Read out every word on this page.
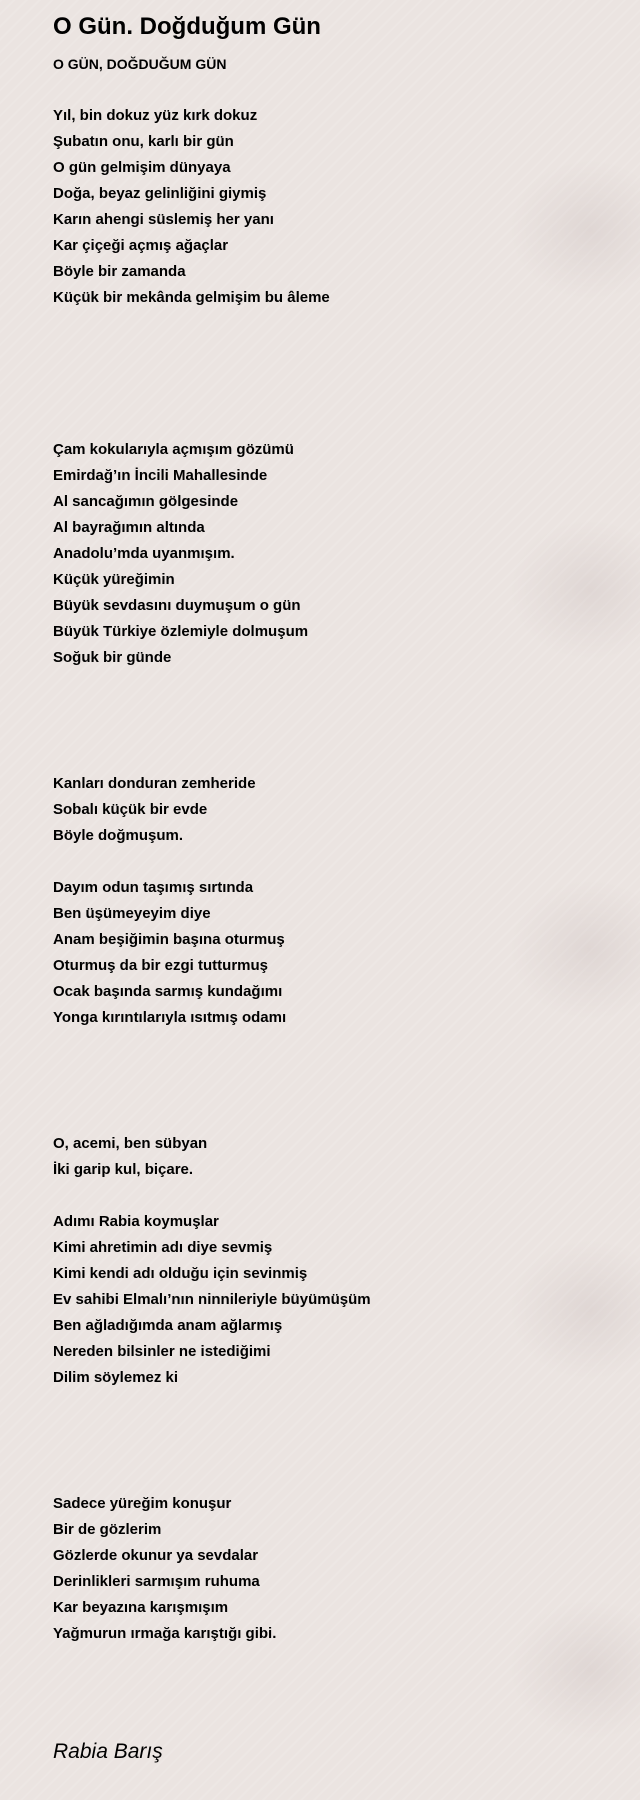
O Gün. Doğduğum Gün
O GÜN, DOĞDUĞUM GÜN
Yıl, bin dokuz yüz kırk dokuz
Şubatın onu, karlı bir gün
O gün gelmişim dünyaya
Doğa, beyaz gelinliğini giymiş
Karın ahengi süslemiş her yanı
Kar çiçeği açmış ağaçlar
Böyle bir zamanda
Küçük bir mekânda gelmişim bu âleme
Çam kokularıyla açmışım gözümü
Emirdağ’ın İncili Mahallesinde
Al sancağımın gölgesinde
Al bayrağımın altında
Anadolu’mda uyanmışım.
Küçük yüreğimin
Büyük sevdasını duymuşum o gün
Büyük Türkiye özlemiyle dolmuşum
Soğuk bir günde
Kanları donduran zemheride
Sobalı küçük bir evde
Böyle doğmuşum.
Dayım odun taşımış sırtında
Ben üşümeyeyim diye
Anam beşiğimin başına oturmuş
Oturmuş da bir ezgi tutturmuş
Ocak başında sarmış kundağımı
Yonga kırıntılarıyla ısıtmış odamı
O, acemi, ben sübyan
İki garip kul, biçare.
Adımı Rabia koymuşlar
Kimi ahretimin adı diye sevmiş
Kimi kendi adı olduğu için sevinmiş
Ev sahibi Elmalı’nın ninnileriyle büyümüşüm
Ben ağladığımda anam ağlarmış
Nereden bilsinler ne istediğimi
Dilim söylemez ki
Sadece yüreğim konuşur
Bir de gözlerim
Gözlerde okunur ya sevdalar
Derinlikleri sarmışım ruhuma
Kar beyazına karışmışım
Yağmurun ırmağa karıştığı gibi.
Rabia Barış
